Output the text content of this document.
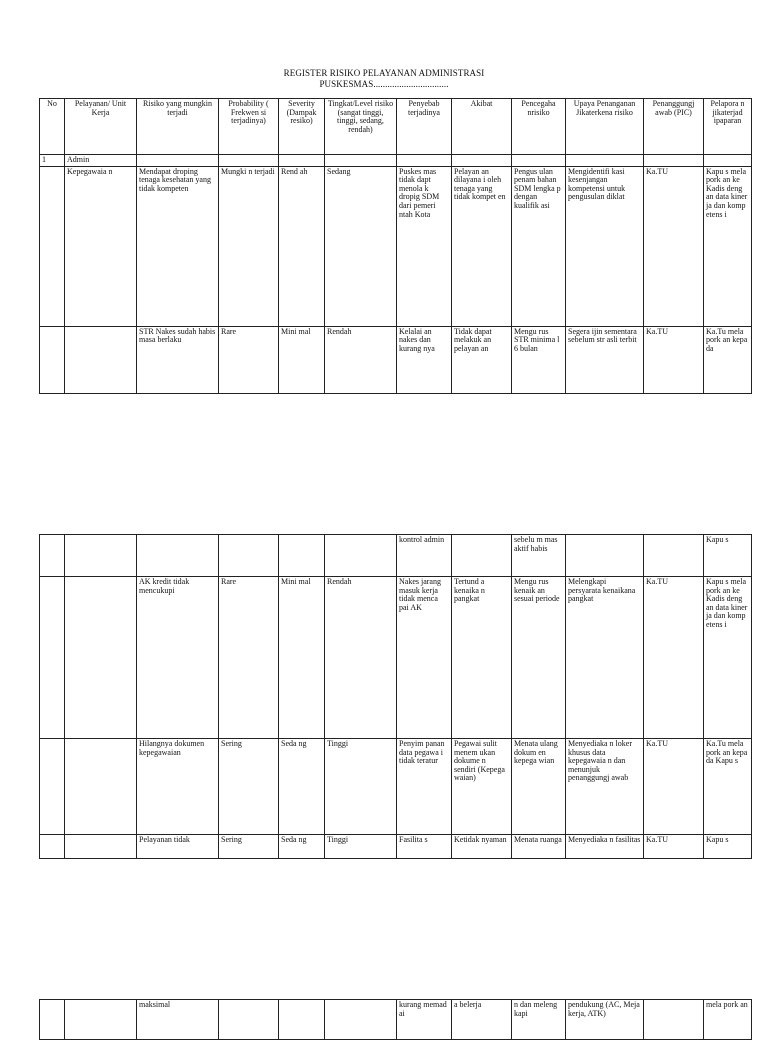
REGISTER RISIKO PELAYANAN ADMINISTRASI
PUSKESMAS................................
No	Pelayanan/ Unit Kerja	Risiko yang mungkin terjadi	Probability ( Frekwen si terjadinya)	Severity (Dampak resiko)	Tingkat/Level risiko (sangat tinggi, tinggi, sedang, rendah)	Penyebab terjadinya	Akibat	Pencegaha nrisiko	Upaya Penanganan Jikaterkena risiko	Penanggungj awab (PIC)	Pelapora n jikaterjad ipaparan
1	Admin										
	Kepegawaia n	Mendapat droping tenaga kesehatan yang tidak kompeten	Mungki n terjadi	Rend ah	Sedang	Puskes mas tidak dapt menola k dropig SDM dari pemeri ntah Kota	Pelayan an dilayana i oleh tenaga yang tidak kompet en	Pengus ulan penam bahan SDM lengka p dengan kualifik asi	Mengidentifi kasi kesenjangan kompetensi untuk pengusulan diklat	Ka.TU	Kapu s mela pork an ke Kadis deng an data kiner ja dan komp etens i
		STR Nakes sudah habis masa berlaku	Rare	Mini mal	Rendah	Kelalai an nakes dan kurang nya	Tidak dapat melakuk an pelayan an	Mengu rus STR minima l 6 bulan	Segera ijin sementara sebelum str asli terbit	Ka.TU	Ka.Tu mela pork an kepa da
						kontrol admin		sebelu m mas aktif habis			Kapu s
		AK kredit tidak mencukupi	Rare	Mini mal	Rendah	Nakes jarang masuk kerja tidak menca pai AK	Tertund a kenaika n pangkat	Mengu rus kenaik an sesuai periode	Melengkapi persyarata kenaikana pangkat	Ka.TU	Kapu s mela pork an ke Kadis deng an data kiner ja dan komp etens i
		Hilangnya dokumen kepegawaian	Sering	Seda ng	Tinggi	Penyim panan data pegawa i tidak teratur	Pegawai sulit menem ukan dokume n sendiri (Kepega waian)	Menata ulang dokum en kepega wian	Menyediaka n loker khusus data kepegawaia n dan menunjuk penanggungj awab	Ka.TU	Ka.Tu mela pork an kepa da Kapu s
		Pelayanan tidak	Sering	Seda ng	Tinggi	Fasilita s	Ketidak nyaman	Menata ruanga	Menyediaka n fasilitas	Ka.TU	Kapu s
		maksimal				kurang memad ai	a belerja	n dan meleng kapi	pendukung (AC, Meja kerja, ATK)		mela pork an
